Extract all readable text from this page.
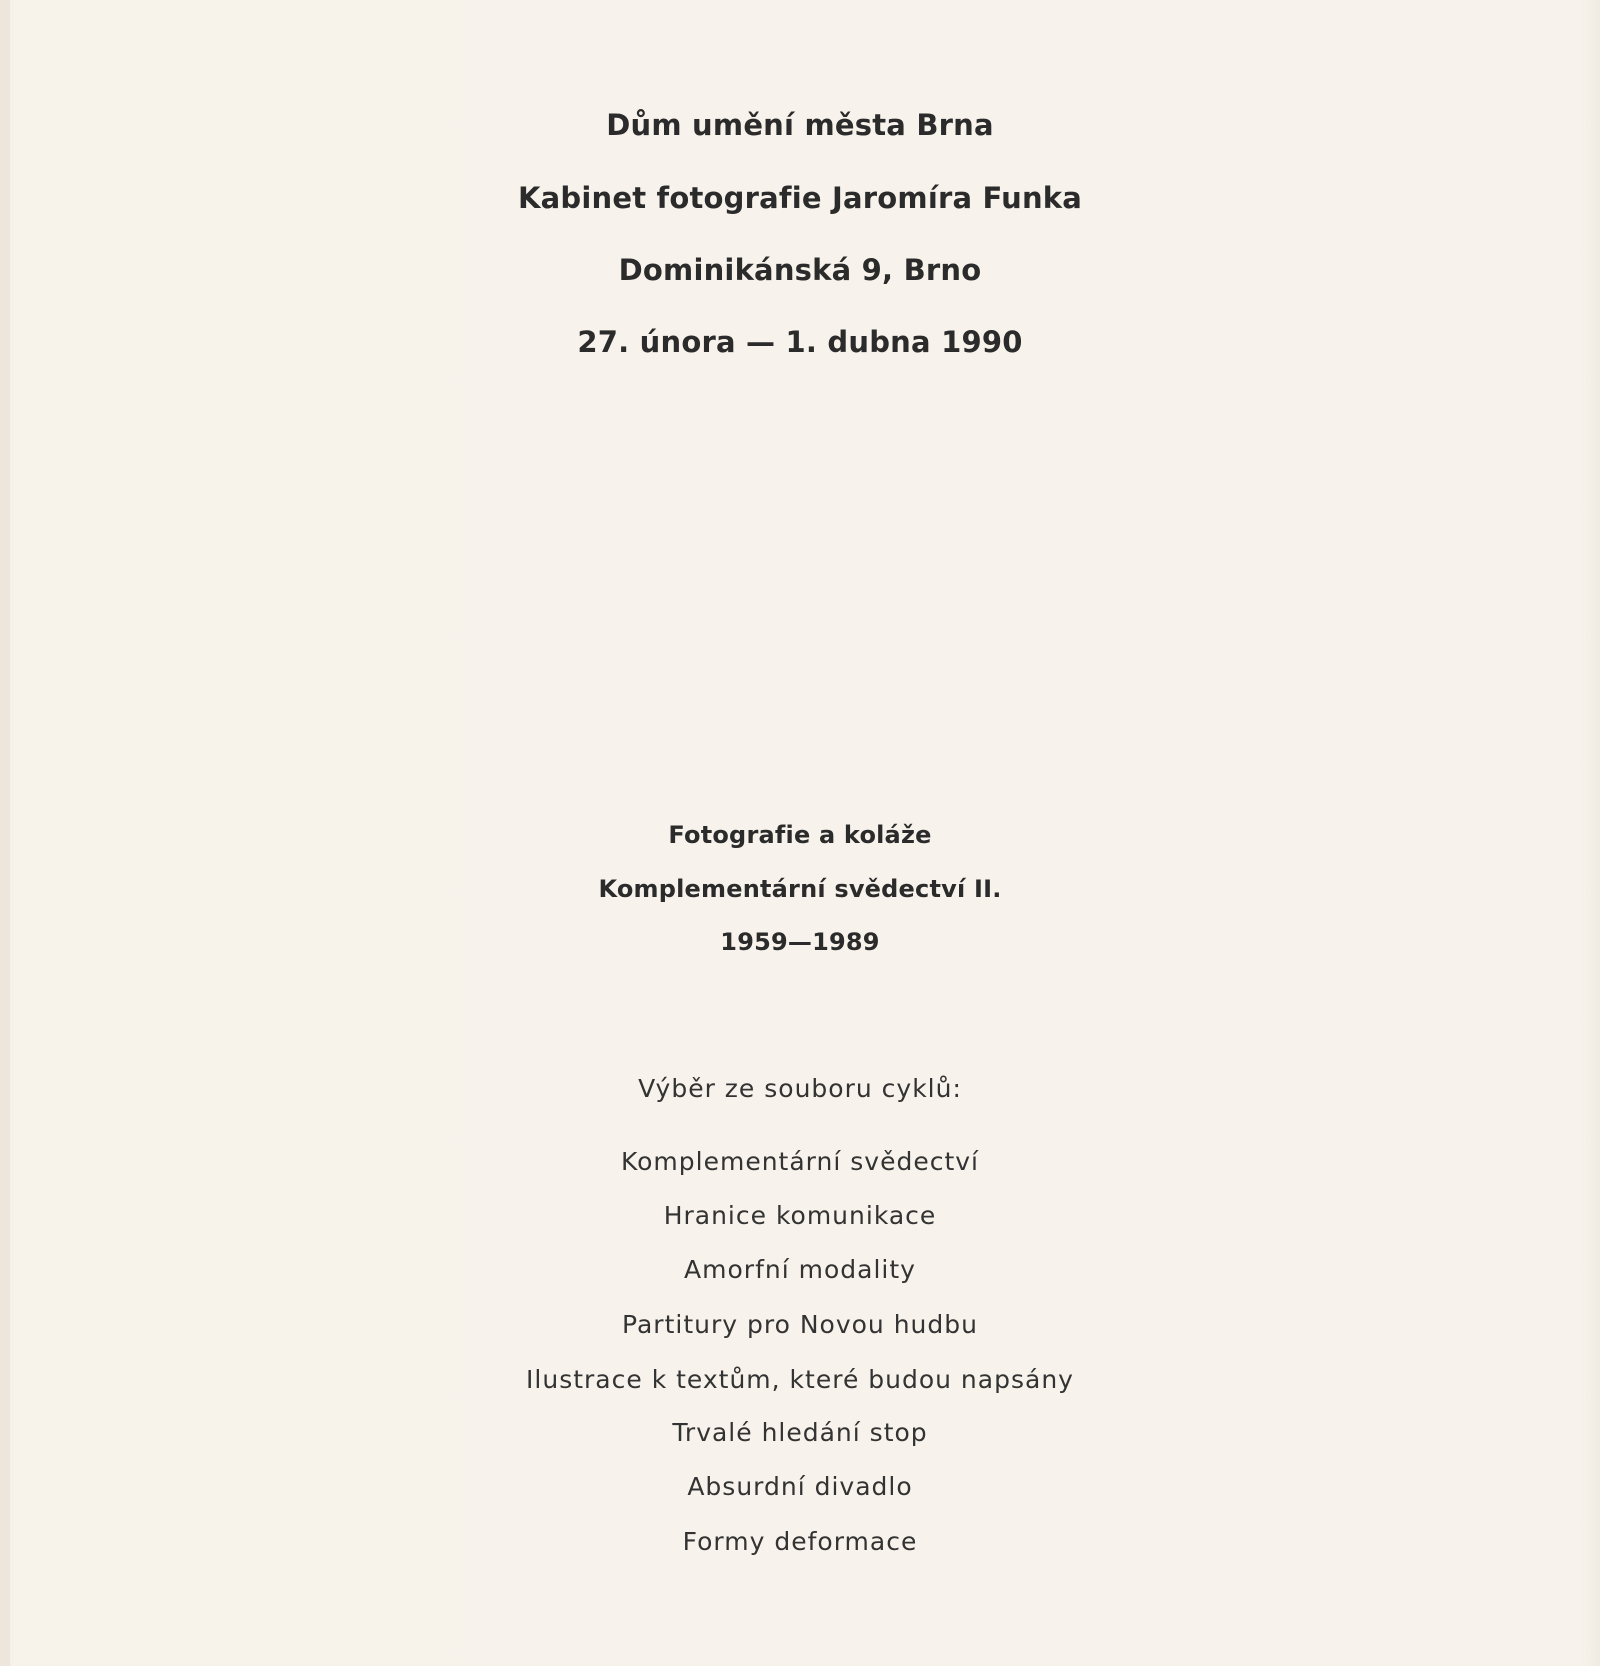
Dům umění města Brna
Kabinet fotografie Jaromíra Funka
Dominikánská 9, Brno
27. února — 1. dubna 1990
Fotografie a koláže
Komplementární svědectví II.
1959—1989
Výběr ze souboru cyklů:
Komplementární svědectví
Hranice komunikace
Amorfní modality
Partitury pro Novou hudbu
Ilustrace k textům, které budou napsány
Trvalé hledání stop
Absurdní divadlo
Formy deformace
